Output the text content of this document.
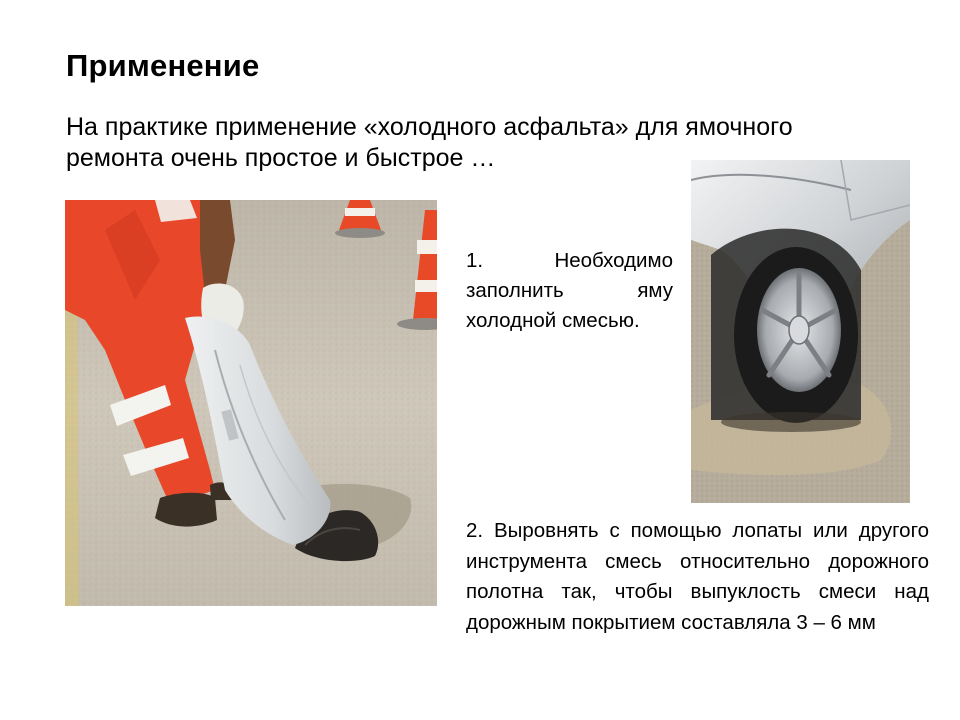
Применение
На практике применение «холодного асфальта» для ямочного ремонта очень простое и быстрое …
1. Необходимо заполнить яму холодной смесью.
2. Выровнять с помощью лопаты или другого инструмента смесь относительно дорожного полотна так, чтобы выпуклость смеси над дорожным покрытием составляла 3 – 6 мм
